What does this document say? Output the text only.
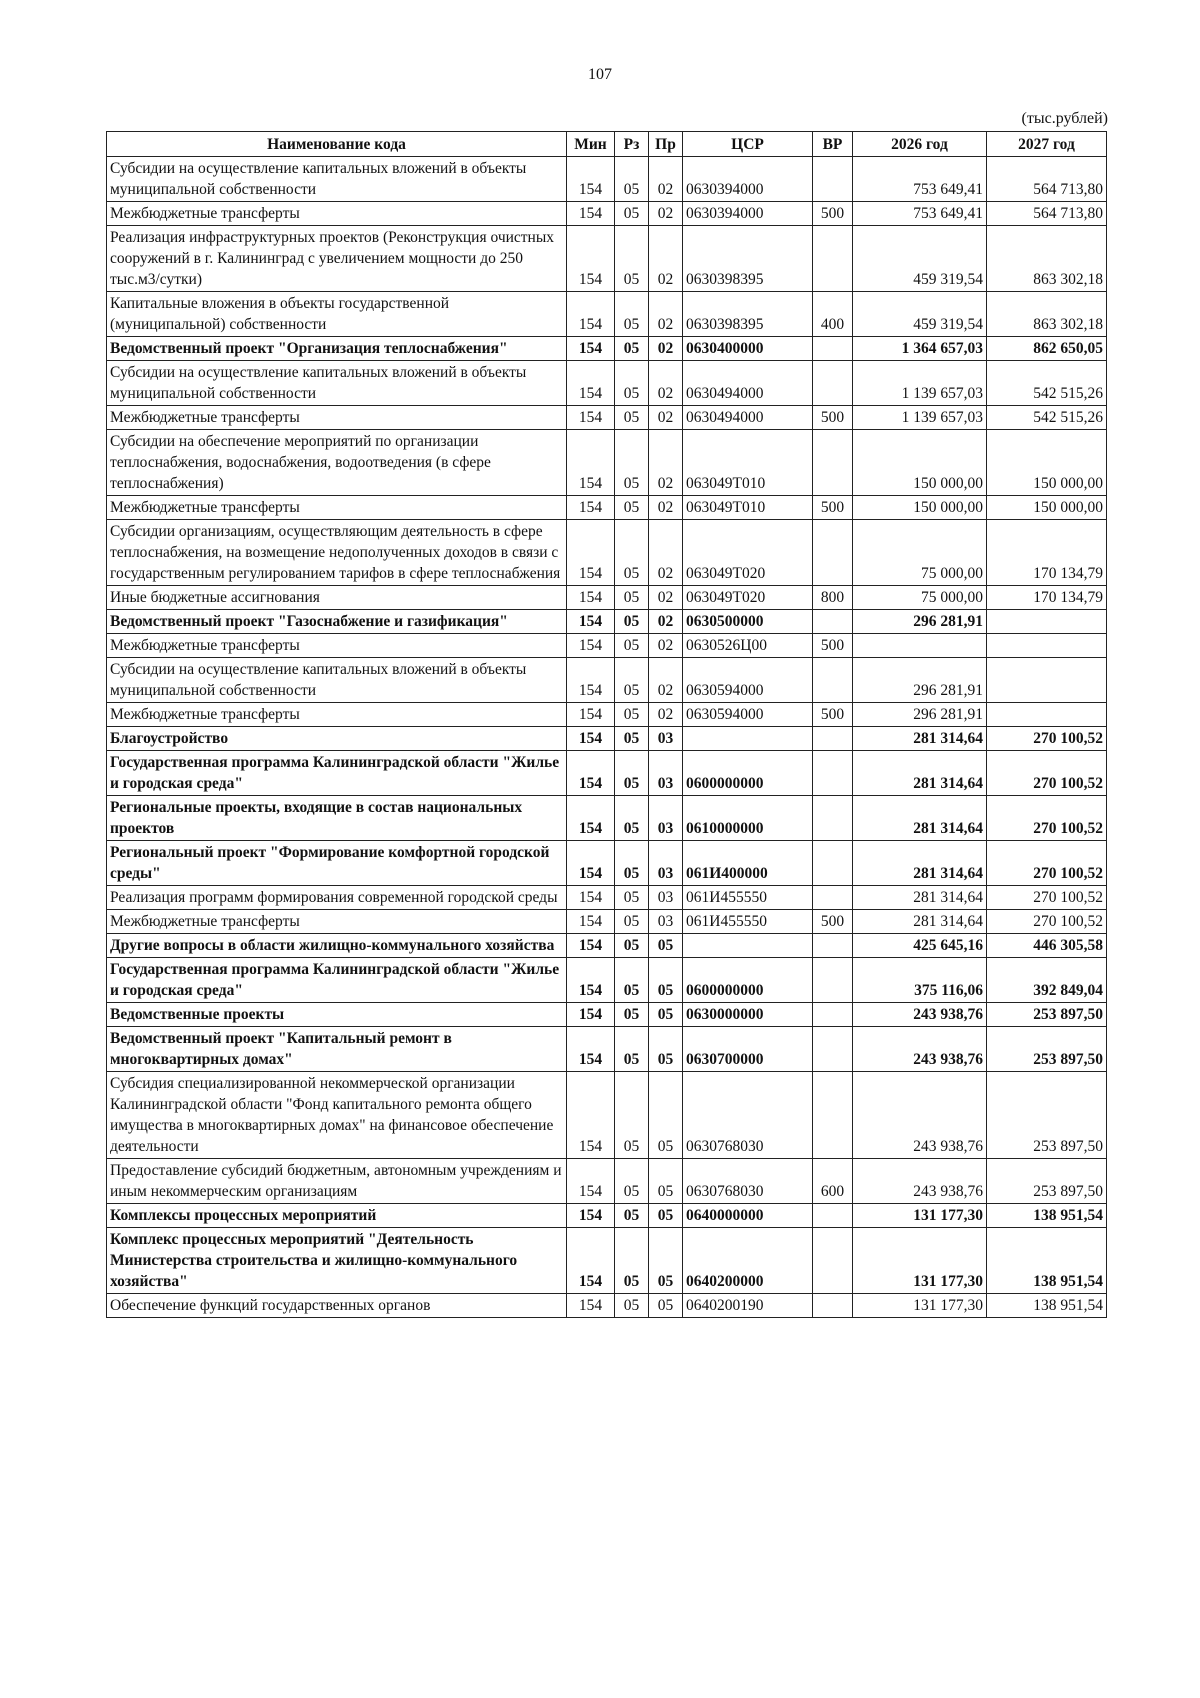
107
(тыс.рублей)
Наименование кода	Мин	Рз	Пр	ЦСР	ВР	2026 год	2027 год
Субсидии на осуществление капитальных вложений в объекты муниципальной собственности	154	05	02	0630394000		753 649,41	564 713,80
Межбюджетные трансферты	154	05	02	0630394000	500	753 649,41	564 713,80
Реализация инфраструктурных проектов (Реконструкция очистных сооружений в г. Калининград с увеличением мощности до 250 тыс.м3/сутки)	154	05	02	0630398395		459 319,54	863 302,18
Капитальные вложения в объекты государственной (муниципальной) собственности	154	05	02	0630398395	400	459 319,54	863 302,18
Ведомственный проект "Организация теплоснабжения"	154	05	02	0630400000		1 364 657,03	862 650,05
Субсидии на осуществление капитальных вложений в объекты муниципальной собственности	154	05	02	0630494000		1 139 657,03	542 515,26
Межбюджетные трансферты	154	05	02	0630494000	500	1 139 657,03	542 515,26
Субсидии на обеспечение мероприятий по организации теплоснабжения, водоснабжения, водоотведения (в сфере теплоснабжения)	154	05	02	063049Т010		150 000,00	150 000,00
Межбюджетные трансферты	154	05	02	063049Т010	500	150 000,00	150 000,00
Субсидии организациям, осуществляющим деятельность в сфере теплоснабжения, на возмещение недополученных доходов в связи с государственным регулированием тарифов в сфере теплоснабжения	154	05	02	063049Т020		75 000,00	170 134,79
Иные бюджетные ассигнования	154	05	02	063049Т020	800	75 000,00	170 134,79
Ведомственный проект "Газоснабжение и газификация"	154	05	02	0630500000		296 281,91	
Межбюджетные трансферты	154	05	02	0630526Ц00	500		
Субсидии на осуществление капитальных вложений в объекты муниципальной собственности	154	05	02	0630594000		296 281,91	
Межбюджетные трансферты	154	05	02	0630594000	500	296 281,91	
Благоустройство	154	05	03			281 314,64	270 100,52
Государственная программа Калининградской области "Жилье и городская среда"	154	05	03	0600000000		281 314,64	270 100,52
Региональные проекты, входящие в состав национальных проектов	154	05	03	0610000000		281 314,64	270 100,52
Региональный проект "Формирование комфортной городской среды"	154	05	03	061И400000		281 314,64	270 100,52
Реализация программ формирования современной городской среды	154	05	03	061И455550		281 314,64	270 100,52
Межбюджетные трансферты	154	05	03	061И455550	500	281 314,64	270 100,52
Другие вопросы в области жилищно-коммунального хозяйства	154	05	05			425 645,16	446 305,58
Государственная программа Калининградской области "Жилье и городская среда"	154	05	05	0600000000		375 116,06	392 849,04
Ведомственные проекты	154	05	05	0630000000		243 938,76	253 897,50
Ведомственный проект "Капитальный ремонт в многоквартирных домах"	154	05	05	0630700000		243 938,76	253 897,50
Субсидия специализированной некоммерческой организации Калининградской области "Фонд капитального ремонта общего имущества в многоквартирных домах" на финансовое обеспечение деятельности	154	05	05	0630768030		243 938,76	253 897,50
Предоставление субсидий бюджетным, автономным учреждениям и иным некоммерческим организациям	154	05	05	0630768030	600	243 938,76	253 897,50
Комплексы процессных мероприятий	154	05	05	0640000000		131 177,30	138 951,54
Комплекс процессных мероприятий "Деятельность Министерства строительства и жилищно-коммунального хозяйства"	154	05	05	0640200000		131 177,30	138 951,54
Обеспечение функций государственных органов	154	05	05	0640200190		131 177,30	138 951,54
